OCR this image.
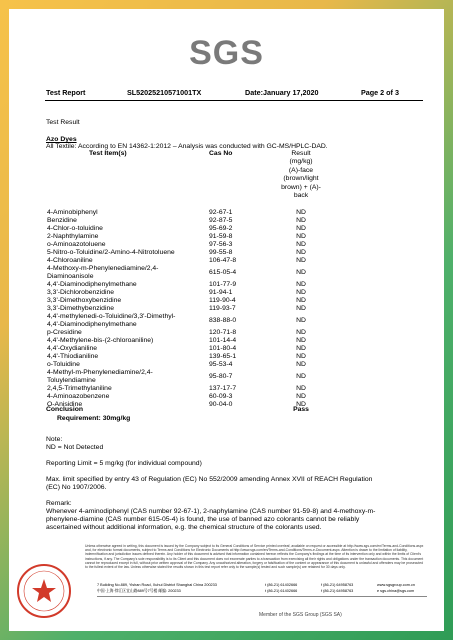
SGS
Test Report	SL52025210571001TX	Date:January 17,2020	Page 2 of 3
Test Result
Azo Dyes
All Textile: According to EN 14362-1:2012 – Analysis was conducted with GC-MS/HPLC-DAD.
Test Item(s)	Cas No	Result
(mg/kg)
(A)-face
(brown/light
brown) + (A)-
back
Conclusion	Pass
Requirement: 30mg/kg
Note:
ND = Not Detected
Reporting Limit = 5 mg/kg (for individual compound)
Max. limit specified by entry 43 of Regulation (EC) No 552/2009 amending Annex XVII of REACH Regulation
(EC) No 1907/2006.
Remark:
Whenever 4-aminodiphenyl (CAS number 92-67-1), 2-naphylamine (CAS number 91-59-8) and 4-methoxy-m-
phenylene-diamine (CAS number 615-05-4) is found, the use of banned azo colorants cannot be reliably
ascertained without additional information, e.g. the chemical structure of the colorants used.
Unless otherwise agreed in writing, this document is issued by the Company subject to its General Conditions of Service printed overleaf, available on request or accessible at http://www.sgs.com/en/Terms-and-Conditions.aspx and, for electronic format documents, subject to Terms and Conditions for Electronic Documents at http://www.sgs.com/en/Terms-and-Conditions/Terms-e-Document.aspx. Attention is drawn to the limitation of liability, indemnification and jurisdiction issues defined therein. Any holder of this document is advised that information contained hereon reflects the Company's findings at the time of its intervention only and within the limits of Client's instructions, if any. The Company's sole responsibility is to its Client and this document does not exonerate parties to a transaction from exercising all their rights and obligations under the transaction documents. This document cannot be reproduced except in full, without prior written approval of the Company. Any unauthorized alteration, forgery or falsification of the content or appearance of this document is unlawful and offenders may be prosecuted to the fullest extent of the law. Unless otherwise stated the results shown in this test report refer only to the sample(s) tested and such sample(s) are retained for 30 days only.
7 Building No.889, Yishan Road, Xuhui District Shanghai China 200233
中国·上海·徐汇区宜山路889号7号楼 邮编: 200233
t (86-21) 61402666
t (86-21) 61402666
f (86-21) 64958763
f (86-21) 64958763
www.sgsgroup.com.cn
e sgs.china@sgs.com
Member of the SGS Group (SGS SA)
4-Aminobiphenyl	92-67-1	ND
Benzidine	92-87-5	ND
4-Chlor-o-toluidine	95-69-2	ND
2-Naphthylamine	91-59-8	ND
o-Aminoazotoluene	97-56-3	ND
5-Nitro-o-Toluidine/2-Amino-4-Nitrotoluene	99-55-8	ND
4-Chloroaniline	106-47-8	ND
4-Methoxy-m-Phenylenediamine/2,4-
Diaminoanisole
615-05-4	ND
4,4'-Diaminodiphenylmethane	101-77-9	ND
3,3'-Dichlorobenzidine	91-94-1	ND
3,3'-Dimethoxybenzidine	119-90-4	ND
3,3'-Dimethybenzidine	119-93-7	ND
4,4'-methylenedi-o-Toluidine/3,3'-Dimethyl-
4,4'-Diaminodiphenylmethane
838-88-0	ND
p-Cresidine	120-71-8	ND
4,4'-Methylene-bis-(2-chloroaniline)	101-14-4	ND
4,4'-Oxydianiline	101-80-4	ND
4,4'-Thiodianiline	139-65-1	ND
o-Toluidine	95-53-4	ND
4-Methyl-m-Phenylenediamine/2,4-
Toluylendiamine
95-80-7	ND
2,4,5-Trimethylaniline	137-17-7	ND
4-Aminoazobenzene	60-09-3	ND
O-Anisidine	90-04-0	ND
